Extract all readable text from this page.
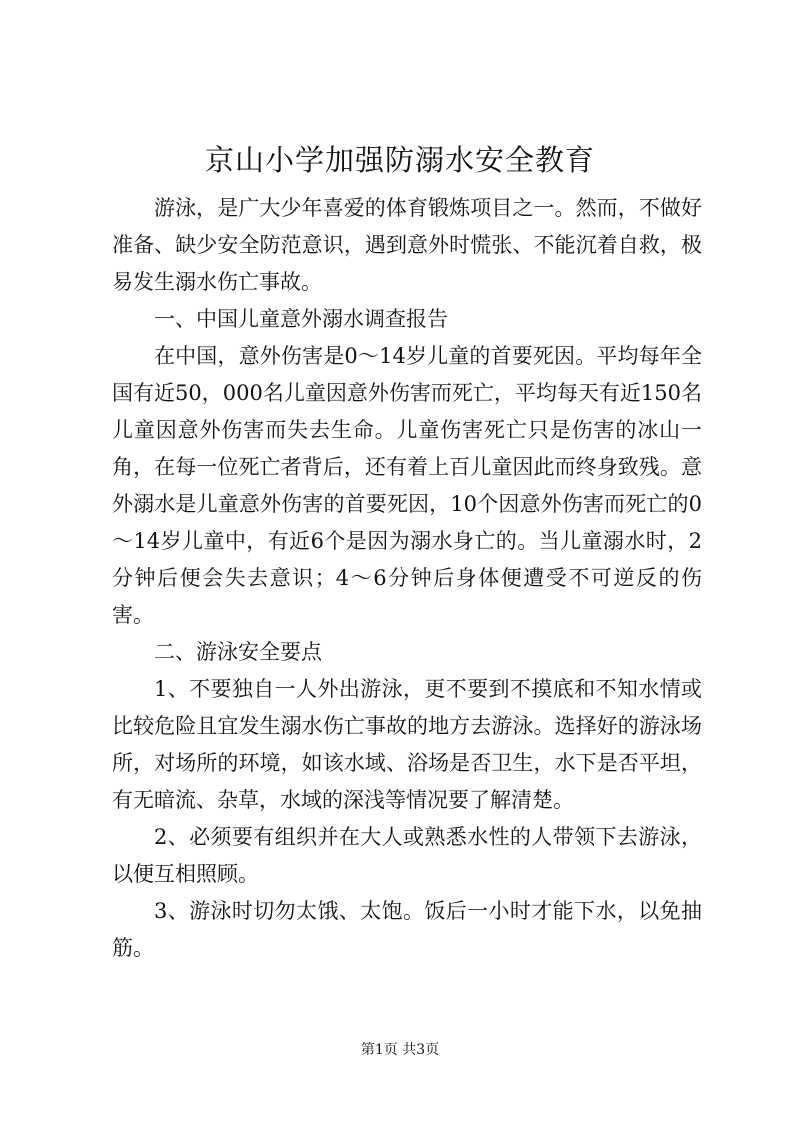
京山小学加强防溺水安全教育

游泳，是广大少年喜爱的体育锻炼项目之一。然而，不做好准备、缺少安全防范意识，遇到意外时慌张、不能沉着自救，极易发生溺水伤亡事故。

一、中国儿童意外溺水调查报告

在中国，意外伤害是0～14岁儿童的首要死因。平均每年全国有近50，000名儿童因意外伤害而死亡，平均每天有近150名儿童因意外伤害而失去生命。儿童伤害死亡只是伤害的冰山一角，在每一位死亡者背后，还有着上百儿童因此而终身致残。意外溺水是儿童意外伤害的首要死因，10个因意外伤害而死亡的0～14岁儿童中，有近6个是因为溺水身亡的。当儿童溺水时，2分钟后便会失去意识；4～6分钟后身体便遭受不可逆反的伤害。

二、游泳安全要点

1、不要独自一人外出游泳，更不要到不摸底和不知水情或比较危险且宜发生溺水伤亡事故的地方去游泳。选择好的游泳场所，对场所的环境，如该水域、浴场是否卫生，水下是否平坦，有无暗流、杂草，水域的深浅等情况要了解清楚。

2、必须要有组织并在大人或熟悉水性的人带领下去游泳，以便互相照顾。

3、游泳时切勿太饿、太饱。饭后一小时才能下水，以免抽筋。

第1页 共3页
